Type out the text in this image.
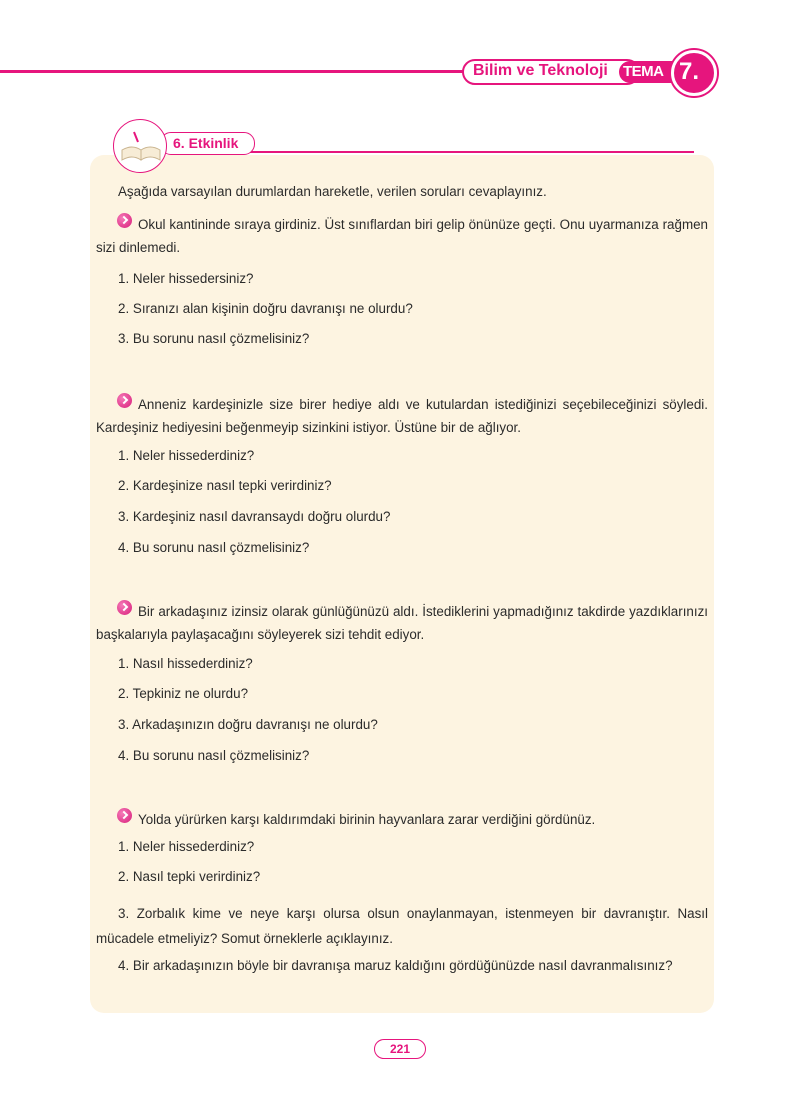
Bilim ve Teknoloji TEMA 7.
6. Etkinlik

Aşağıda varsayılan durumlardan hareketle, verilen soruları cevaplayınız.

Okul kantininde sıraya girdiniz. Üst sınıflardan biri gelip önünüze geçti. Onu uyarmanıza rağmen sizi dinlemedi.

1. Neler hissedersiniz?

2. Sıranızı alan kişinin doğru davranışı ne olurdu?

3. Bu sorunu nasıl çözmelisiniz?

Anneniz kardeşinizle size birer hediye aldı ve kutulardan istediğinizi seçebileceğinizi söyledi. Kardeşiniz hediyesini beğenmeyip sizinkini istiyor. Üstüne bir de ağlıyor.

1. Neler hissederdiniz?

2. Kardeşinize nasıl tepki verirdiniz?

3. Kardeşiniz nasıl davransaydı doğru olurdu?

4. Bu sorunu nasıl çözmelisiniz?

Bir arkadaşınız izinsiz olarak günlüğünüzü aldı. İstediklerini yapmadığınız takdirde yazdıklarınızı başkalarıyla paylaşacağını söyleyerek sizi tehdit ediyor.

1. Nasıl hissederdiniz?

2. Tepkiniz ne olurdu?

3. Arkadaşınızın doğru davranışı ne olurdu?

4. Bu sorunu nasıl çözmelisiniz?

Yolda yürürken karşı kaldırımdaki birinin hayvanlara zarar verdiğini gördünüz.

1. Neler hissederdiniz?

2. Nasıl tepki verirdiniz?

3. Zorbalık kime ve neye karşı olursa olsun onaylanmayan, istenmeyen bir davranıştır. Nasıl mücadele etmeliyiz? Somut örneklerle açıklayınız.

4. Bir arkadaşınızın böyle bir davranışa maruz kaldığını gördüğünüzde nasıl davranmalısınız?

221
